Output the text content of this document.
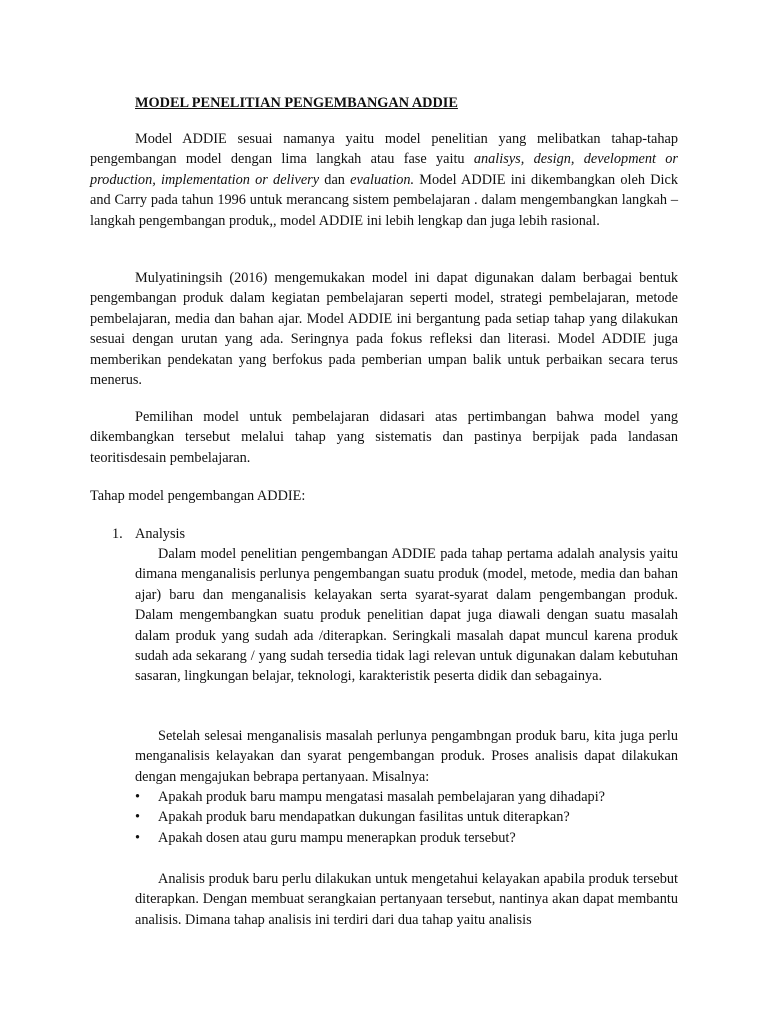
MODEL PENELITIAN PENGEMBANGAN ADDIE

Model ADDIE sesuai namanya yaitu model penelitian yang melibatkan tahap-tahap pengembangan model dengan lima langkah atau fase yaitu analisys, design, development or production, implementation or delivery dan evaluation. Model ADDIE ini dikembangkan oleh Dick and Carry pada tahun 1996 untuk merancang sistem pembelajaran . dalam mengembangkan langkah –langkah pengembangan produk,, model ADDIE ini lebih lengkap dan juga lebih rasional.

Mulyatiningsih (2016) mengemukakan model ini dapat digunakan dalam berbagai bentuk pengembangan produk dalam kegiatan pembelajaran seperti model, strategi pembelajaran, metode pembelajaran, media dan bahan ajar. Model ADDIE ini bergantung pada setiap tahap yang dilakukan sesuai dengan urutan yang ada. Seringnya pada fokus refleksi dan literasi. Model ADDIE juga memberikan pendekatan yang berfokus pada pemberian umpan balik untuk perbaikan secara terus menerus.

Pemilihan model untuk pembelajaran didasari atas pertimbangan bahwa model yang dikembangkan tersebut melalui tahap yang sistematis dan pastinya berpijak pada landasan teoritisdesain pembelajaran.

Tahap model pengembangan ADDIE:

1. Analysis

Dalam model penelitian pengembangan ADDIE pada tahap pertama adalah analysis yaitu dimana menganalisis perlunya pengembangan suatu produk (model, metode, media dan bahan ajar) baru dan menganalisis kelayakan serta syarat-syarat dalam pengembangan produk. Dalam mengembangkan suatu produk penelitian dapat juga diawali dengan suatu masalah dalam produk yang sudah ada /diterapkan. Seringkali masalah dapat muncul karena produk sudah ada sekarang / yang sudah tersedia tidak lagi relevan untuk digunakan dalam kebutuhan sasaran, lingkungan belajar, teknologi, karakteristik peserta didik dan sebagainya.

Setelah selesai menganalisis masalah perlunya pengambngan produk baru, kita juga perlu menganalisis kelayakan dan syarat pengembangan produk. Proses analisis dapat dilakukan dengan mengajukan bebrapa pertanyaan. Misalnya:

• Apakah produk baru mampu mengatasi masalah pembelajaran yang dihadapi?
• Apakah produk baru mendapatkan dukungan fasilitas untuk diterapkan?
• Apakah dosen atau guru mampu menerapkan produk tersebut?

Analisis produk baru perlu dilakukan untuk mengetahui kelayakan apabila produk tersebut diterapkan. Dengan membuat serangkaian pertanyaan tersebut, nantinya akan dapat membantu analisis. Dimana tahap analisis ini terdiri dari dua tahap yaitu analisis
